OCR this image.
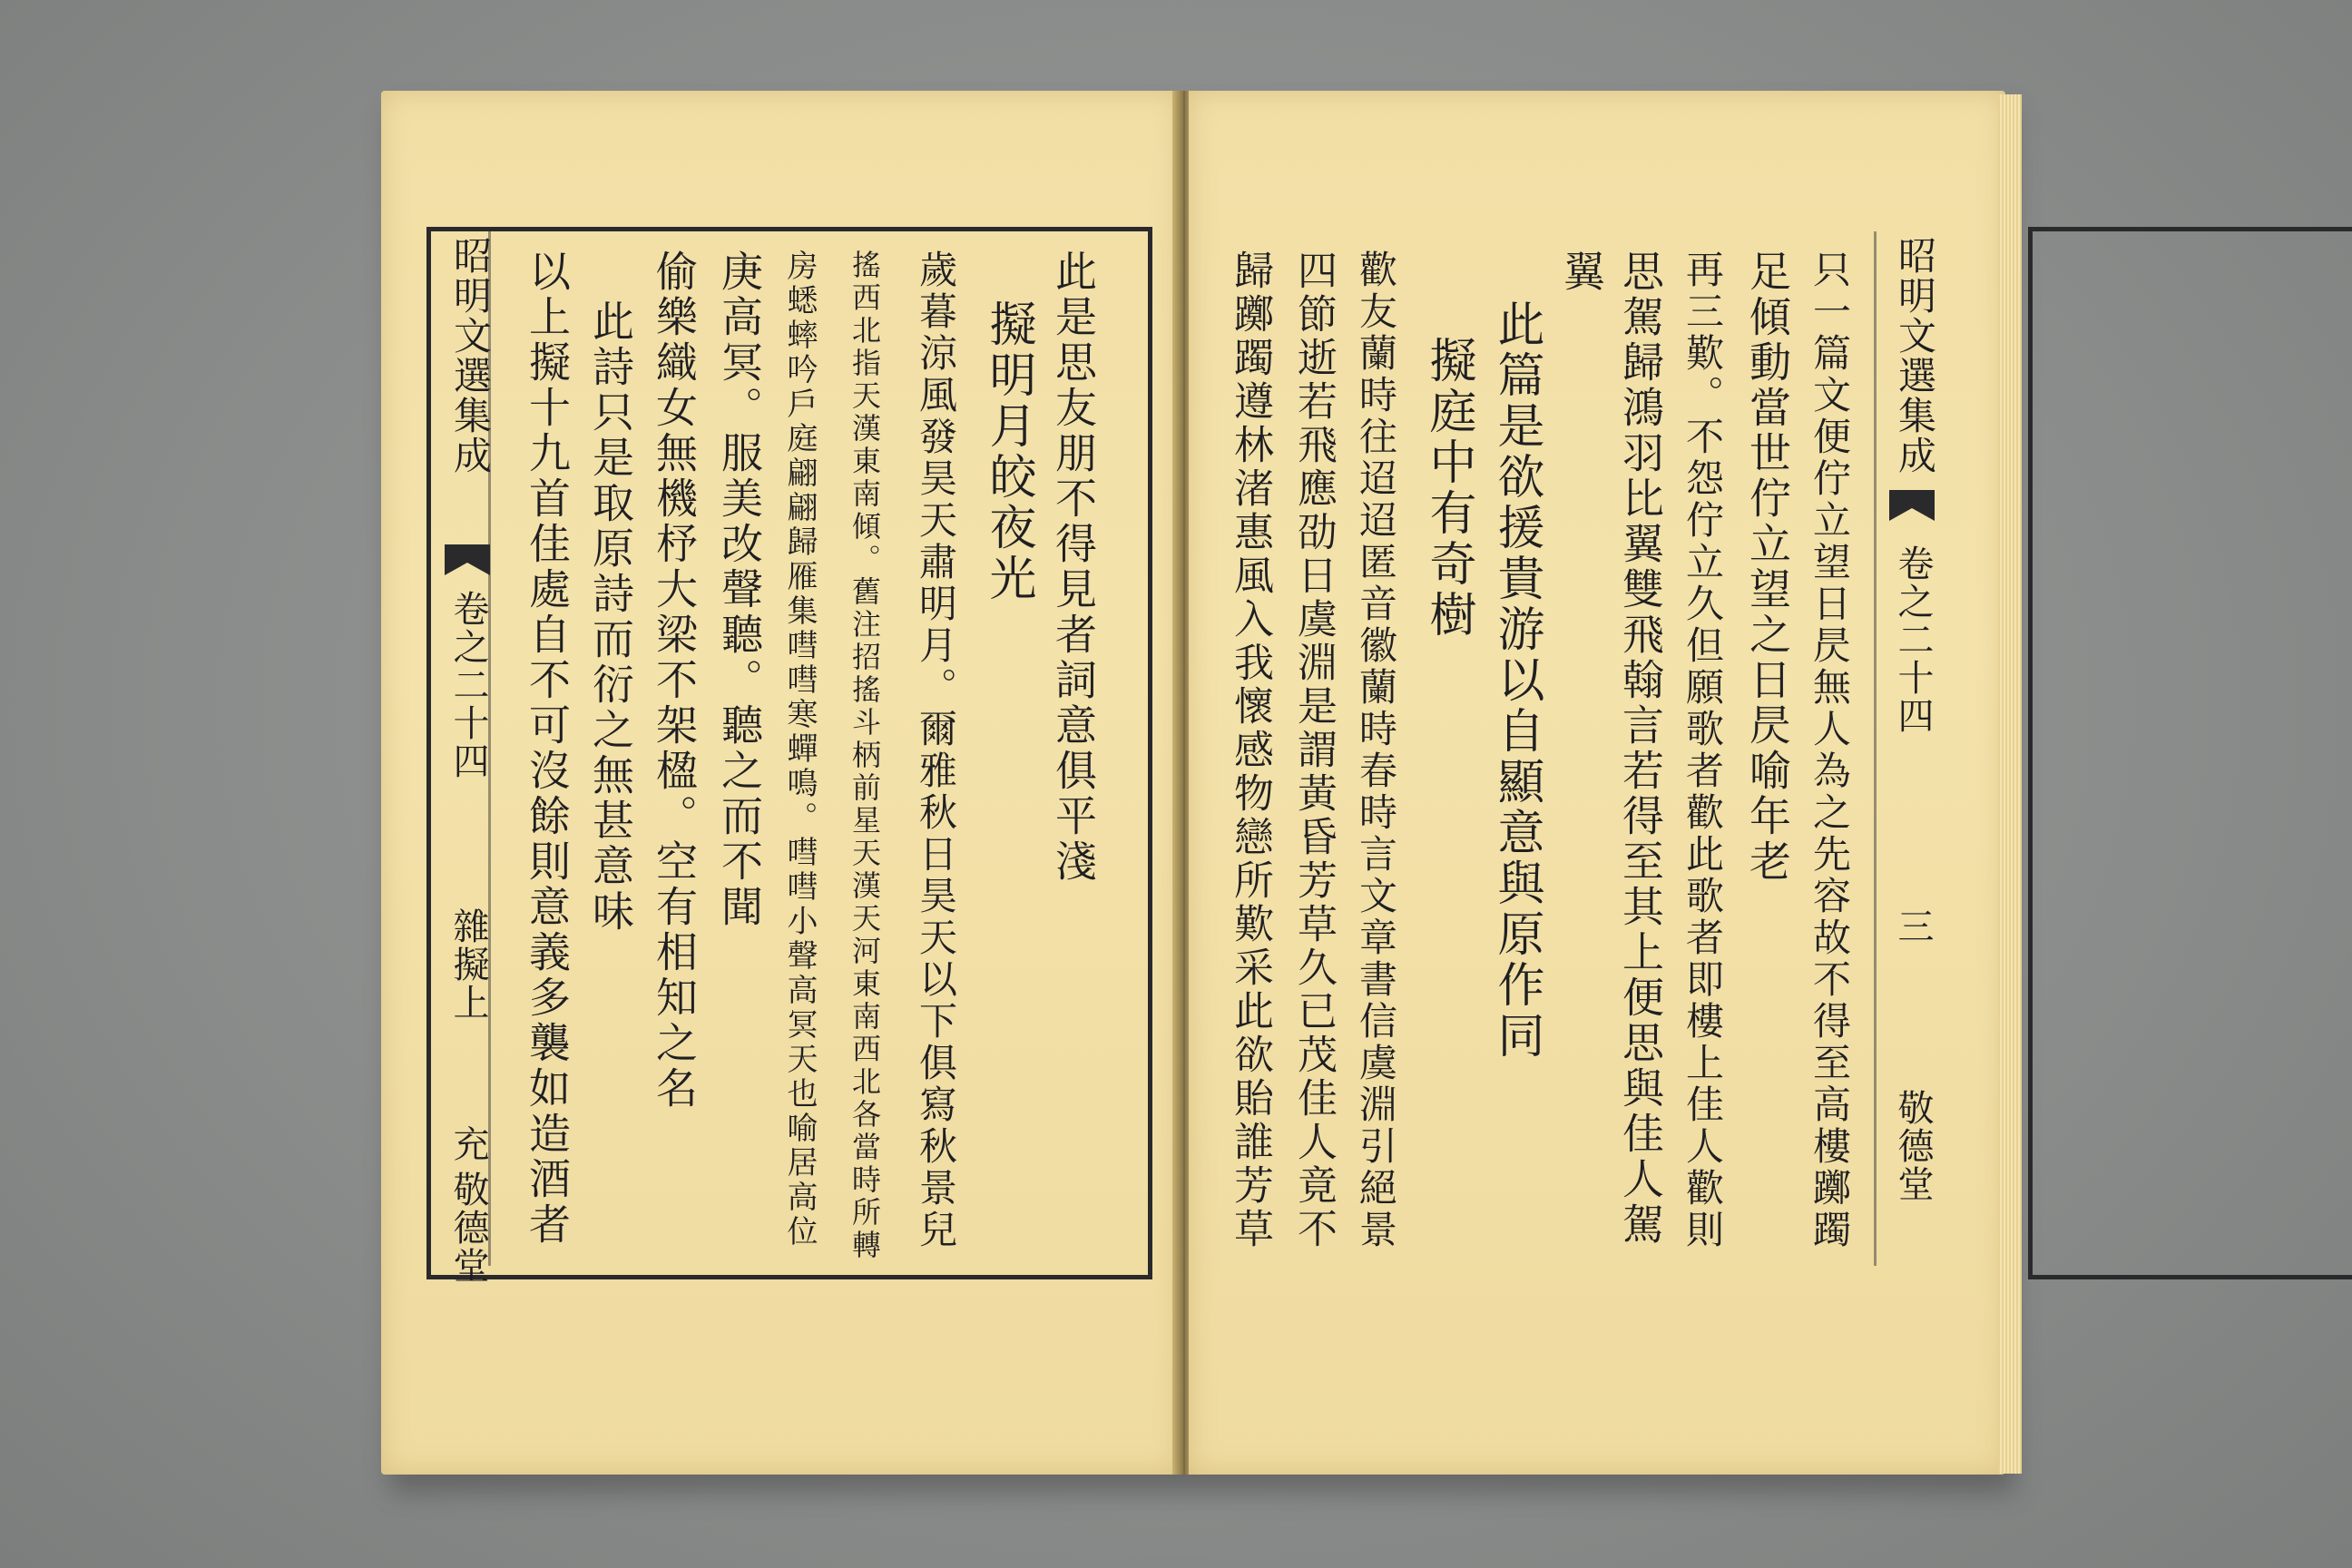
昭明文選集成
卷之二十四
雜擬上
充
敬德堂
此是思友朋不得見者詞意俱平淺
擬明月皎夜光
歲暮涼風發昊天肅明月。爾雅秋日昊天以下俱寫秋景兒
搖西北指天漢東南傾。舊注招搖斗柄前星天漢天河東南西北各當時所轉
房蟋蟀吟戶庭翩翩歸雁集嘒嘒寒蟬鳴。嘒嘒小聲高冥天也喻居高位
庚高冥。服美改聲聽。聽之而不聞
偷樂織女無機杼大梁不架楹。空有相知之名
此詩只是取原詩而衍之無甚意味
以上擬十九首佳處自不可沒餘則意義多襲如造酒者	昭明文選集成
卷之二十四
三
敬德堂
只一篇文便佇立望日昃無人為之先容故不得至高樓躑躅
足傾動當世佇立望之日昃喻年老
再三歎。不怨佇立久但願歌者歡此歌者即樓上佳人歡則
思駕歸鴻羽比翼雙飛翰言若得至其上便思與佳人駕
翼
此篇是欲援貴游以自顯意與原作同
擬庭中有奇樹
歡友蘭時往迢迢匿音徽蘭時春時言文章書信虞淵引絕景
四節逝若飛應劭日虞淵是謂黃昏芳草久已茂佳人竟不
歸躑躅遵林渚惠風入我懷感物戀所歎采此欲貽誰芳草
